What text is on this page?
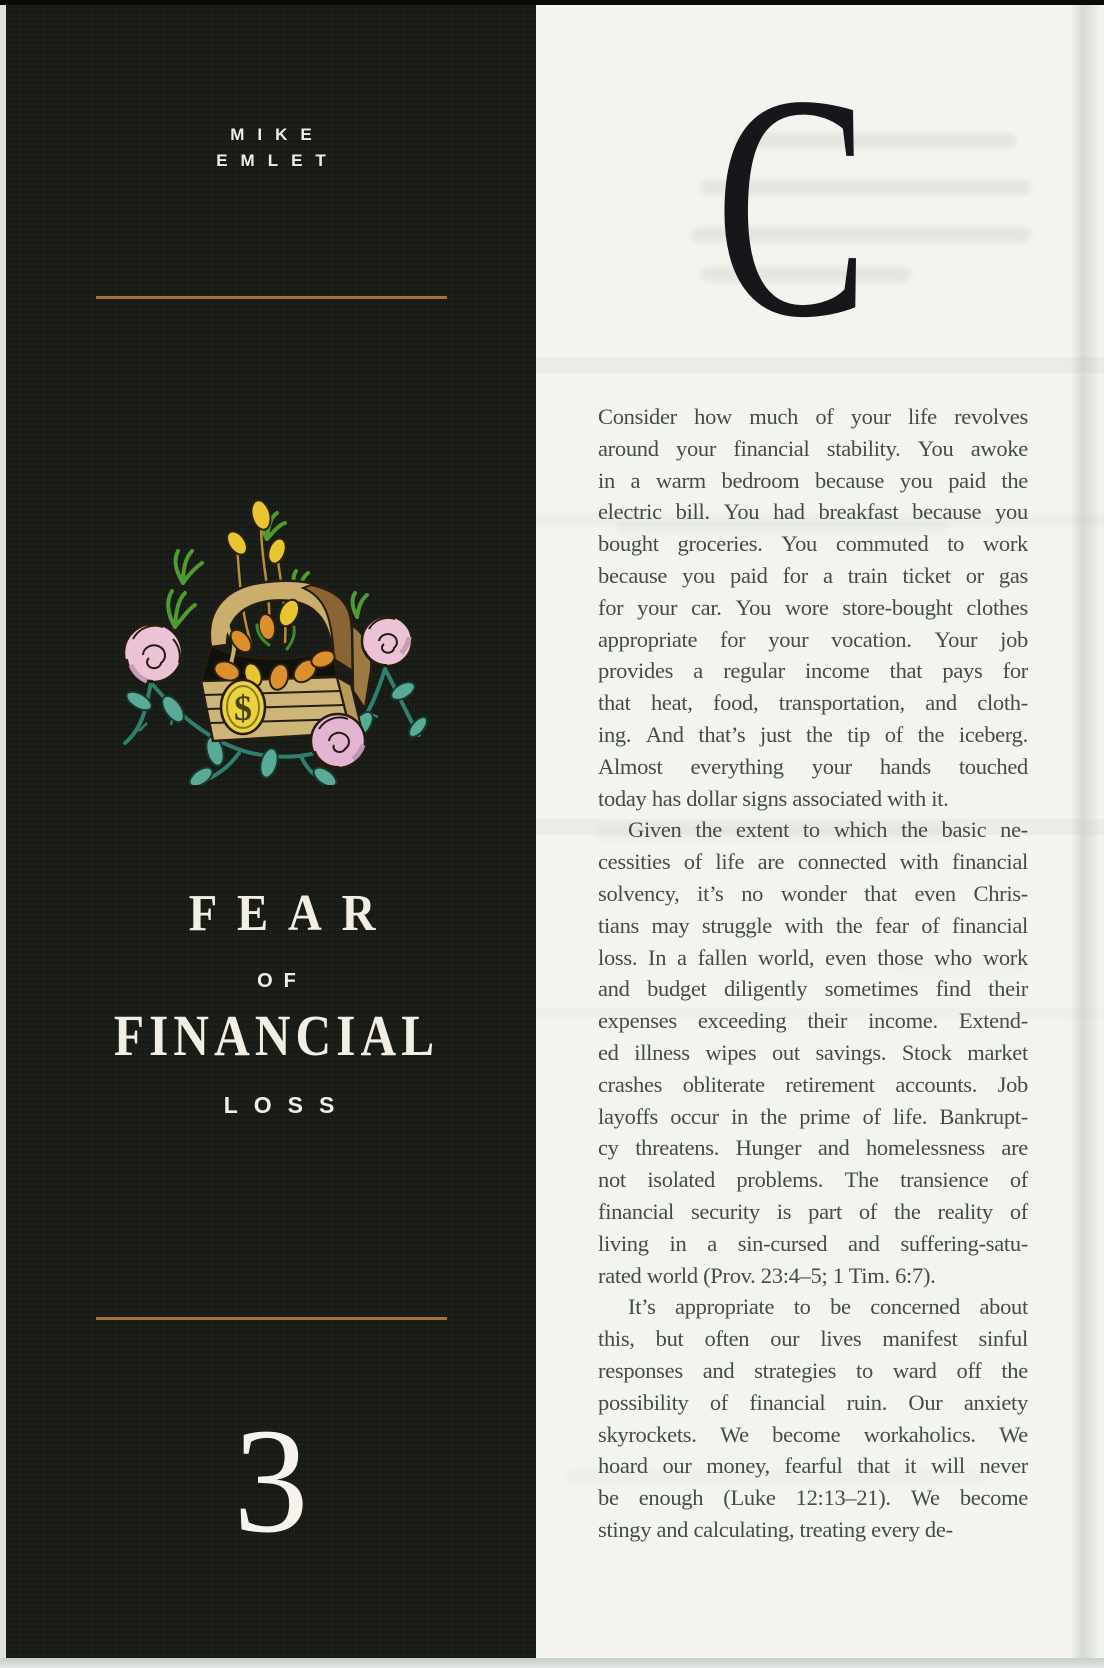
MIKE
EMLET
$
FEAR
OF
FINANCIAL
LOSS
3
C
Consider how much of your life revolves
around your financial stability. You awoke
in a warm bedroom because you paid the
electric bill. You had breakfast because you
bought groceries. You commuted to work
because you paid for a train ticket or gas
for your car. You wore store-bought clothes
appropriate for your vocation. Your job
provides a regular income that pays for
that heat, food, transportation, and cloth-
ing. And that’s just the tip of the iceberg.
Almost everything your hands touched
today has dollar signs associated with it.
Given the extent to which the basic ne-
cessities of life are connected with financial
solvency, it’s no wonder that even Chris-
tians may struggle with the fear of financial
loss. In a fallen world, even those who work
and budget diligently sometimes find their
expenses exceeding their income. Extend-
ed illness wipes out savings. Stock market
crashes obliterate retirement accounts. Job
layoffs occur in the prime of life. Bankrupt-
cy threatens. Hunger and homelessness are
not isolated problems. The transience of
financial security is part of the reality of
living in a sin-cursed and suffering-satu-
rated world (Prov. 23:4–5; 1 Tim. 6:7).
It’s appropriate to be concerned about
this, but often our lives manifest sinful
responses and strategies to ward off the
possibility of financial ruin. Our anxiety
skyrockets. We become workaholics. We
hoard our money, fearful that it will never
be enough (Luke 12:13–21). We become
stingy and calculating, treating every de-
